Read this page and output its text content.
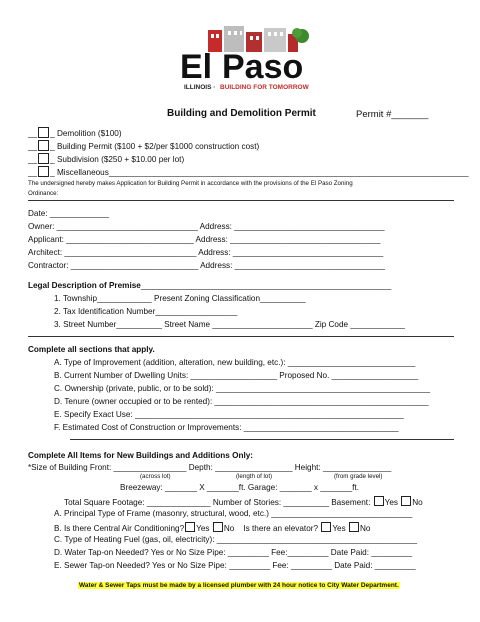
El Paso
ILLINOIS · BUILDING FOR TOMORROW
Building and Demolition Permit	Permit #_______
__ _ Demolition ($100)
__ _ Building Permit ($100 + $2/per $1000 construction cost)
__ _ Subdivision ($250 + $10.00 per lot)
__ _ Miscellaneous_______________________________________________________________________________
The undersigned hereby makes Application for Building Permit in accordance with the provisions of the El Paso Zoning
Ordinance:
Date: _____________
Owner: _______________________________ Address: _________________________________
Applicant: ____________________________ Address: _________________________________
Architect: _____________________________ Address: _________________________________
Contractor: ____________________________ Address: _________________________________
Legal Description of Premise_______________________________________________________
1. Township____________ Present Zoning Classification__________
2. Tax Identification Number__________________
3. Street Number__________ Street Name ______________________ Zip Code ____________
Complete all sections that apply.
A. Type of Improvement (addition, alteration, new building, etc.): ____________________________
B. Current Number of Dwelling Units: ___________________ Proposed No. ___________________
C. Ownership (private, public, or to be sold): _______________________________________________
D. Tenure (owner occupied or to be rented): _______________________________________________
E. Specify Exact Use: ___________________________________________________________
F. Estimated Cost of Construction or Improvements: __________________________________
Complete All Items for New Buildings and Additions Only:
*Size of Building Front: ________________ Depth: _________________ Height: _______________
(across lot)	(length of lot)	(from grade level)
Breezeway: _______ X _______ft. Garage: _______ x _______ft.
Total Square Footage: ______________ Number of Stories: __________ Basement: Yes No
A. Principal Type of Frame (masonry, structural, wood, etc.) _______________________________
B. Is there Central Air Conditioning? Yes No Is there an elevator? Yes No
C. Type of Heating Fuel (gas, oil, electricity): ____________________________________________
D. Water Tap-on Needed? Yes or No Size Pipe: _________ Fee:_________ Date Paid: _________
E. Sewer Tap-on Needed? Yes or No Size Pipe: _________ Fee: _________ Date Paid: _________
Water & Sewer Taps must be made by a licensed plumber with 24 hour notice to City Water Department.
